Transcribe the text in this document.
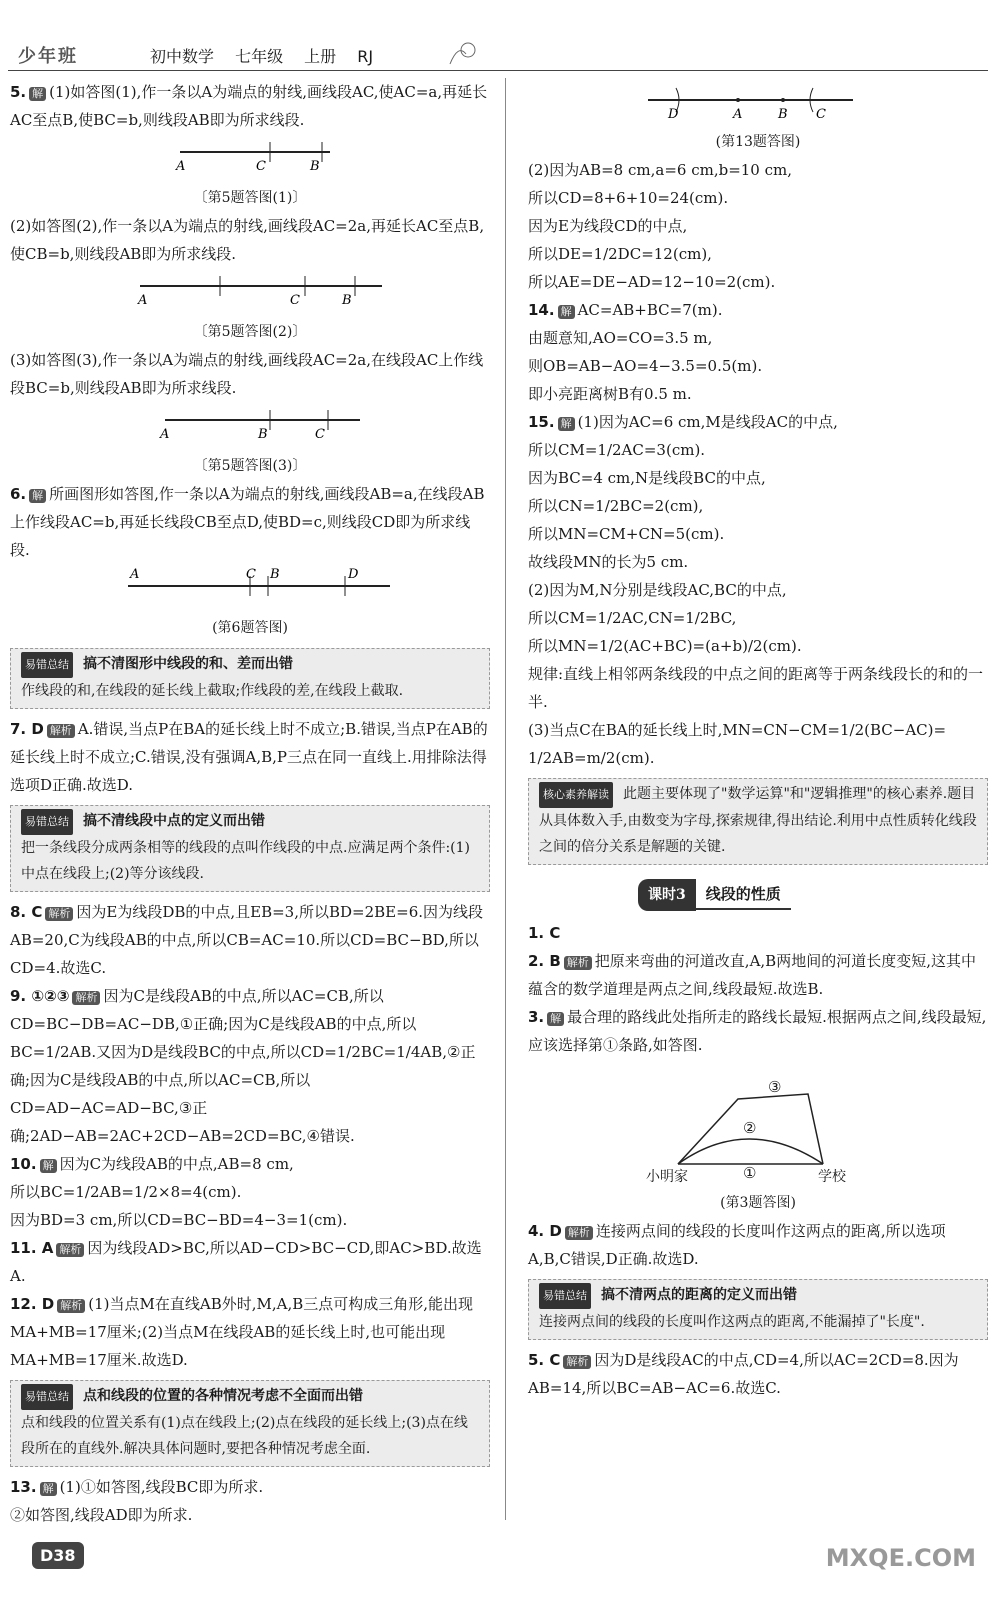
少年班	初中数学 七年级 上册 RJ

5. 解 (1)如答图(1),作一条以A为端点的射线,画线段AC,使AC=a,再延长AC至点B,使BC=b,则线段AB即为所求线段.

A	C	B

〔第5题答图(1)〕

(2)如答图(2),作一条以A为端点的射线,画线段AC=2a,再延长AC至点B,使CB=b,则线段AB即为所求线段.

A	C	B

〔第5题答图(2)〕

(3)如答图(3),作一条以A为端点的射线,画线段AC=2a,在线段AC上作线段BC=b,则线段AB即为所求线段.

A	B	C

〔第5题答图(3)〕

6. 解 所画图形如答图,作一条以A为端点的射线,画线段AB=a,在线段AB上作线段AC=b,再延长线段CB至点D,使BD=c,则线段CD即为所求线段.

A	C B	D

(第6题答图)

易错总结 搞不清图形中线段的和、差而出错
作线段的和,在线段的延长线上截取;作线段的差,在线段上截取.

7. D 解析 A.错误,当点P在BA的延长线上时不成立;B.错误,当点P在AB的延长线上时不成立;C.错误,没有强调A,B,P三点在同一直线上.用排除法得选项D正确.故选D.

易错总结 搞不清线段中点的定义而出错
把一条线段分成两条相等的线段的点叫作线段的中点.应满足两个条件:(1)中点在线段上;(2)等分该线段.

8. C 解析 因为E为线段DB的中点,且EB=3,所以BD=2BE=6.因为线段AB=20,C为线段AB的中点,所以CB=AC=10.所以CD=BC−BD,所以CD=4.故选C.

9. ①②③ 解析 因为C是线段AB的中点,所以AC=CB,所以CD=BC−DB=AC−DB,①正确;因为C是线段AB的中点,所以BC=1/2AB.又因为D是线段BC的中点,所以CD=1/2BC=1/4AB,②正确;因为C是线段AB的中点,所以AC=CB,所以CD=AD−AC=AD−BC,③正确;2AD−AB=2AC+2CD−AB=2CD=BC,④错误.

10. 解 因为C为线段AB的中点,AB=8 cm,

所以BC=1/2AB=1/2×8=4(cm).

因为BD=3 cm,所以CD=BC−BD=4−3=1(cm).

11. A 解析 因为线段AD>BC,所以AD−CD>BC−CD,即AC>BD.故选A.

12. D 解析 (1)当点M在直线AB外时,M,A,B三点可构成三角形,能出现MA+MB=17厘米;(2)当点M在线段AB的延长线上时,也可能出现MA+MB=17厘米.故选D.

易错总结 点和线段的位置的各种情况考虑不全面而出错
点和线段的位置关系有(1)点在线段上;(2)点在线段的延长线上;(3)点在线段所在的直线外.解决具体问题时,要把各种情况考虑全面.

13. 解 (1)①如答图,线段BC即为所求.

②如答图,线段AD即为所求.

D	A	B C

(第13题答图)

(2)因为AB=8 cm,a=6 cm,b=10 cm,

所以CD=8+6+10=24(cm).

因为E为线段CD的中点,

所以DE=1/2DC=12(cm),

所以AE=DE−AD=12−10=2(cm).

14. 解 AC=AB+BC=7(m).

由题意知,AO=CO=3.5 m,

则OB=AB−AO=4−3.5=0.5(m).

即小亮距离树B有0.5 m.

15. 解 (1)因为AC=6 cm,M是线段AC的中点,

所以CM=1/2AC=3(cm).

因为BC=4 cm,N是线段BC的中点,

所以CN=1/2BC=2(cm),

所以MN=CM+CN=5(cm).

故线段MN的长为5 cm.

(2)因为M,N分别是线段AC,BC的中点,

所以CM=1/2AC,CN=1/2BC,

所以MN=1/2(AC+BC)=(a+b)/2(cm).

规律:直线上相邻两条线段的中点之间的距离等于两条线段长的和的一半.

(3)当点C在BA的延长线上时,MN=CN−CM=1/2(BC−AC)=

1/2AB=m/2(cm).

核心素养解读 此题主要体现了"数学运算"和"逻辑推理"的核心素养.题目从具体数入手,由数变为字母,探索规律,得出结论.利用中点性质转化线段之间的倍分关系是解题的关键.
课时3	线段的性质

1. C

2. B 解析 把原来弯曲的河道改直,A,B两地间的河道长度变短,这其中蕴含的数学道理是两点之间,线段最短.故选B.

3. 解 最合理的路线此处指所走的路线长最短.根据两点之间,线段最短,应该选择第①条路,如答图.

小明家	学校
①
②
③

(第3题答图)

4. D 解析 连接两点间的线段的长度叫作这两点的距离,所以选项A,B,C错误,D正确.故选D.

易错总结 搞不清两点的距离的定义而出错
连接两点间的线段的长度叫作这两点的距离,不能漏掉了"长度".

5. C 解析 因为D是线段AC的中点,CD=4,所以AC=2CD=8.因为AB=14,所以BC=AB−AC=6.故选C.

D38	MXQE.COM
